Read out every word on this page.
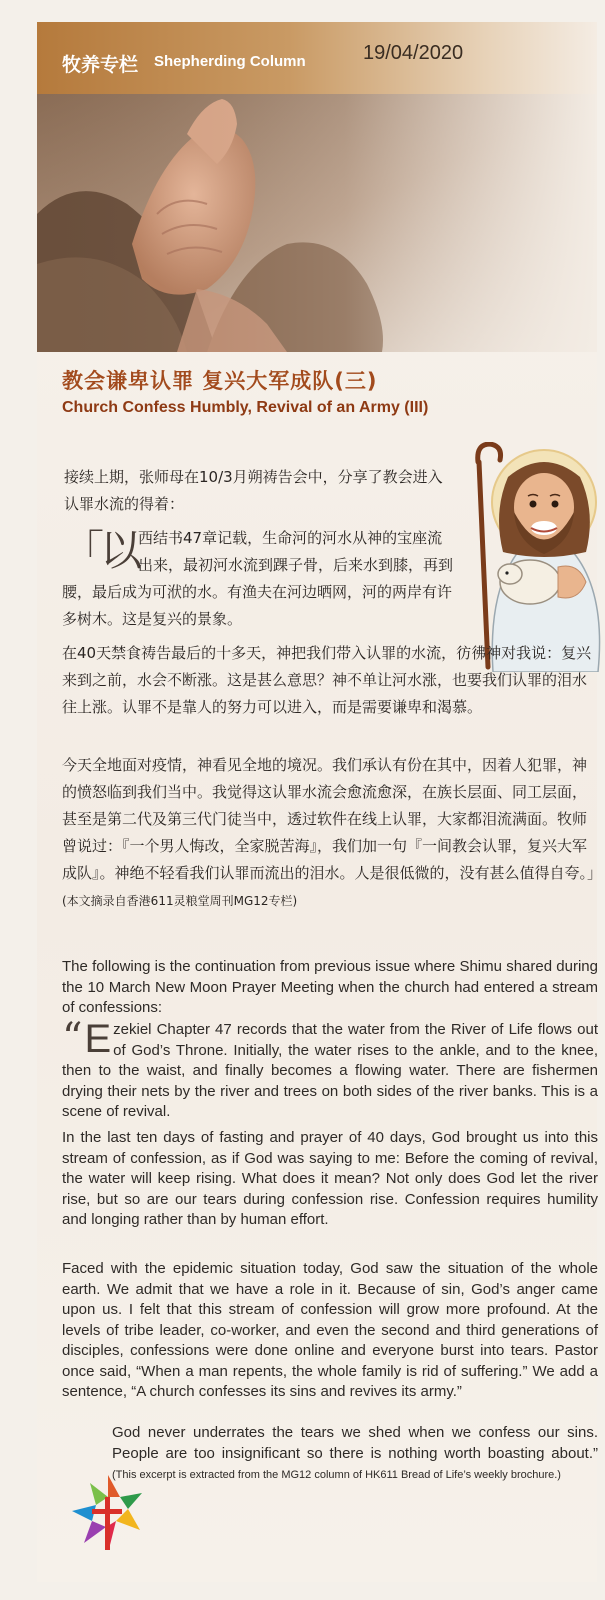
牧养专栏 Shepherding Column	19/04/2020
教会谦卑认罪 复兴大军成队(三)
Church Confess Humbly, Revival of an Army (III)
接续上期，张师母在10/3月朔祷告会中，分享了教会进入认罪水流的得着：
「以西结书47章记载，生命河的河水从神的宝座流出来，最初河水流到踝子骨，后来水到膝，再到腰，最后成为可洑的水。有渔夫在河边晒网，河的两岸有许多树木。这是复兴的景象。
在40天禁食祷告最后的十多天，神把我们带入认罪的水流，彷彿神对我说：复兴来到之前，水会不断涨。这是甚么意思？神不单让河水涨，也要我们认罪的泪水往上涨。认罪不是靠人的努力可以进入，而是需要谦卑和渴慕。
今天全地面对疫情，神看见全地的境况。我们承认有份在其中，因着人犯罪，神的愤怒临到我们当中。我觉得这认罪水流会愈流愈深，在族长层面、同工层面，甚至是第二代及第三代门徒当中，透过软件在线上认罪，大家都泪流满面。牧师曾说过：『一个男人悔改，全家脱苦海』，我们加一句『一间教会认罪，复兴大军成队』。神绝不轻看我们认罪而流出的泪水。人是很低微的，没有甚么值得自夸。」(本文摘录自香港611灵粮堂周刊MG12专栏)
The following is the continuation from previous issue where Shimu shared during the 10 March New Moon Prayer Meeting when the church had entered a stream of confessions:
“ E zekiel Chapter 47 records that the water from the River of Life flows out of God’s Throne. Initially, the water rises to the ankle, and to the knee, then to the waist, and finally becomes a flowing water. There are fishermen drying their nets by the river and trees on both sides of the river banks. This is a scene of revival.
In the last ten days of fasting and prayer of 40 days, God brought us into this stream of confession, as if God was saying to me: Before the coming of revival, the water will keep rising. What does it mean? Not only does God let the river rise, but so are our tears during confession rise. Confession requires humility and longing rather than by human effort.
Faced with the epidemic situation today, God saw the situation of the whole earth. We admit that we have a role in it. Because of sin, God’s anger came upon us. I felt that this stream of confession will grow more profound. At the levels of tribe leader, co-worker, and even the second and third generations of disciples, confessions were done online and everyone burst into tears. Pastor once said, “When a man repents, the whole family is rid of suffering.” We add a sentence, “A church confesses its sins and revives its army.”
God never underrates the tears we shed when we confess our sins. People are too insignificant so there is nothing worth boasting about.” (This excerpt is extracted from the MG12 column of HK611 Bread of Life’s weekly brochure.)
